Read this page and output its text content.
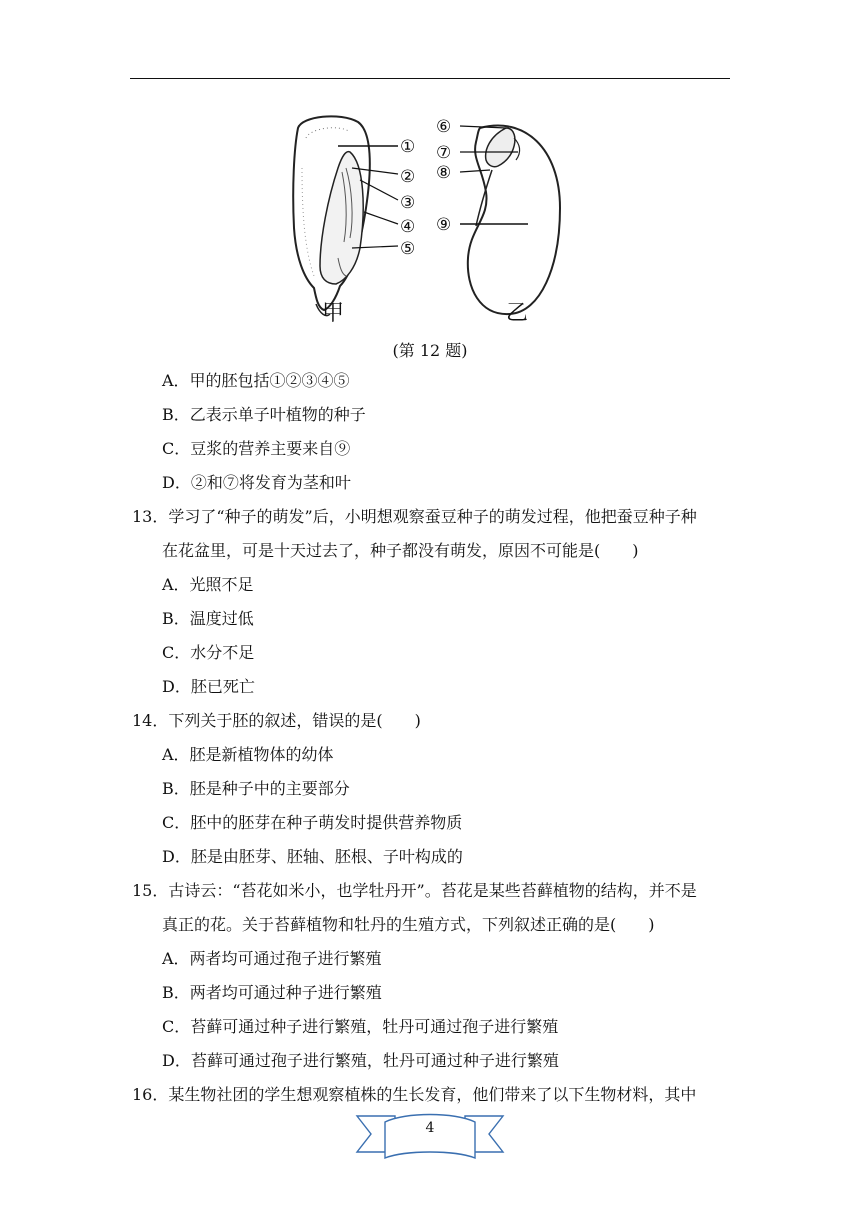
①
②
③
④
⑤
甲
⑥
⑦
⑧
⑨
乙
(第 12 题)
A．甲的胚包括①②③④⑤
B．乙表示单子叶植物的种子
C．豆浆的营养主要来自⑨
D．②和⑦将发育为茎和叶
13．学习了“种子的萌发”后，小明想观察蚕豆种子的萌发过程，他把蚕豆种子种
在花盆里，可是十天过去了，种子都没有萌发，原因不可能是(　　)
A．光照不足
B．温度过低
C．水分不足
D．胚已死亡
14．下列关于胚的叙述，错误的是(　　)
A．胚是新植物体的幼体
B．胚是种子中的主要部分
C．胚中的胚芽在种子萌发时提供营养物质
D．胚是由胚芽、胚轴、胚根、子叶构成的
15．古诗云：“苔花如米小，也学牡丹开”。苔花是某些苔藓植物的结构，并不是
真正的花。关于苔藓植物和牡丹的生殖方式，下列叙述正确的是(　　)
A．两者均可通过孢子进行繁殖
B．两者均可通过种子进行繁殖
C．苔藓可通过种子进行繁殖，牡丹可通过孢子进行繁殖
D．苔藓可通过孢子进行繁殖，牡丹可通过种子进行繁殖
16．某生物社团的学生想观察植株的生长发育，他们带来了以下生物材料，其中
4
